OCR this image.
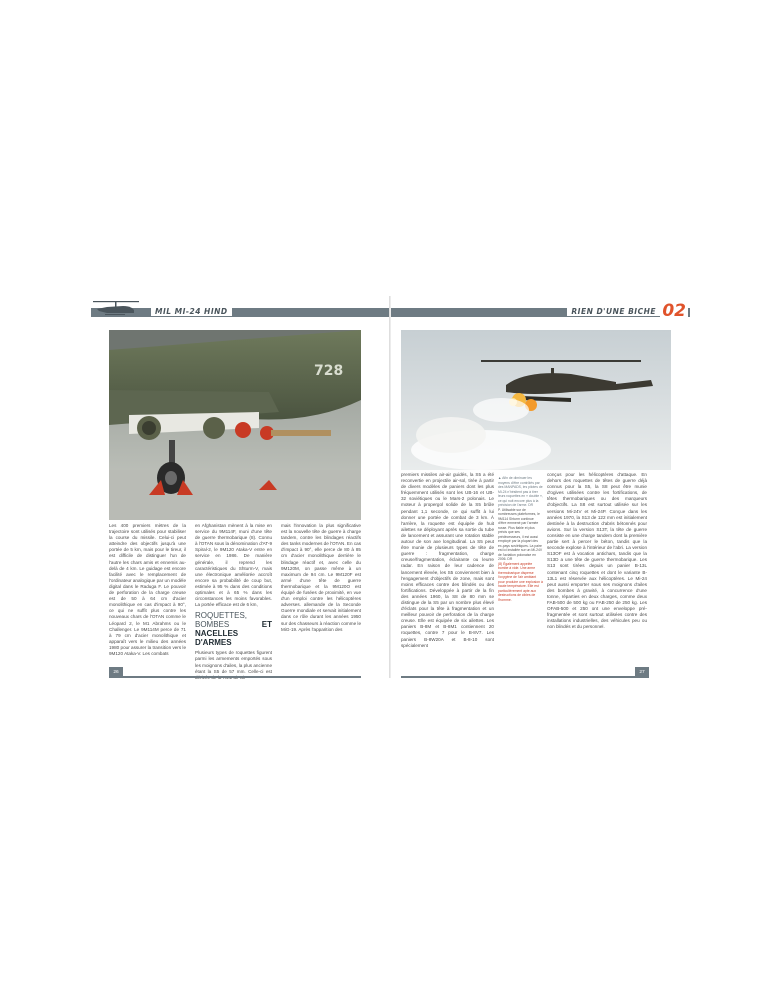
MIL MI-24 HIND
728

Les 400 premiers mètres de la trajectoire sont utilisés pour stabiliser la course du missile. Celui-ci peut atteindre des objectifs jusqu'à une portée de 5 km, mais pour le tireur, il est difficile de distinguer l'un de l'autre les chars amis et ennemis au-delà de 4 km. Le guidage est encore facilité avec le remplacement de l'ordinateur analogique par un modèle digital dans le Raduga F. Le pouvoir de perforation de la charge creuse est de 50 à 64 cm d'acier monolithique en cas d'impact à 90°, ce qui ne suffit plus contre les nouveaux chars de l'OTAN comme le Léopard 2, le M1 Abrahms ou le Challenger. Le 9M114M perce de 71 à 79 cm d'acier monolithique et apparaît vers le milieu des années 1980 pour assurer la transition vers le 9M120 Ataka-V. Les combats

en Afghanistan mènent à la mise en service du 9M114F, muni d'une tête de guerre thermobarique (8). Connu à l'OTAN sous la dénomination d'AT-9 Spiral-2, le 9M120 Ataka-V entre en service en 1986. De manière générale, il reprend les caractéristiques du Shturm-V, mais une électronique améliorée accroît encore sa probabilité de coup but, estimée à 95 % dans des conditions optimales et à 65 % dans les circonstances les moins favorables. La portée efficace est de 6 km,

ROQUETTES, BOMBES ET NACELLES D'ARMES

Plusieurs types de roquettes figurent parmi les armements emportés sous les moignons d'ailes, la plus ancienne étant la S5 de 57 mm. Celle-ci est

mais l'innovation la plus significative est la nouvelle tête de guerre à charge tandem, contre les blindages réactifs des tanks modernes de l'OTAN. En cas d'impact à 90°, elle perce de 80 à 85 cm d'acier monolithique derrière le blindage réactif et, avec celle du 9M120M, on passe même à un maximum de 94 cm. Le 9M120F est armé d'une tête de guerre thermobarique et la 9M120O est équipé de fusées de proximité, en vue d'un emploi contre les hélicoptères adverses. allemande de la Seconde Guerre mondiale et servait initialement dans ce rôle durant les années 1950 sur des chasseurs à réaction comme le MiG-19. Après l'apparition des

26
RIEN D'UNE BICHE 02

premiers missiles air-air guidés, la S5 a été reconvertie en projectile air-sol, tirée à partir de divers modèles de paniers dont les plus fréquemment utilisés sont les UB-16 et UB-32 soviétiques ou le Mars-2 polonais. Le moteur à propergol solide de la S5 brûle pendant 1,1 seconde, ce qui suffit à lui donner une portée de combat de 3 km. À l'arrière, la roquette est équipée de huit ailettes se déployant après sa sortie du tube de lancement et assurant une rotation stable autour de son axe longitudinal. La S5 peut être munie de plusieurs types de tête de guerre : fragmentation, charge creuse/fragmentation, éclairante ou leurre radar. En raison de leur cadence de lancement élevée, les S5 conviennent bien à l'engagement d'objectifs de zone, mais sont moins efficaces contre des blindés ou des fortifications. Développée à partir de la fin des années 1960, la S8 de 80 mm se distingue de la S5 par un nombre plus élevé d'éclats pour la tête à fragmentation et un meilleur pouvoir de perforation de la charge creuse. Elle est équipée de six ailettes. Les paniers B-8M et B-8M1 contiennent 20 roquettes, contre 7 pour le B-8V7. Les paniers B-8W20A et B-8-10 sont spécialement

▲ Afin de diminuer les moyens d'être contrôlés par des MANPADS, les pilotes de Mi-24 n'hésitent pas à tirer leurs roquettes en « double », ce qui nuit encore plus à la précision de l'arme. DR

P. Utilisable sur de nombreuses plateformes, le 9M114 Shturm continue d'être emmené par l'armée russe. Plus fiable et plus précis que ses prédécesseurs, il est aussi employé par la plupart des ex-pays soviétiques. La paire est ici installée sur un Mi-24V de l'aviation polonaise en 2006. DR

(8) Également appelée bombe à vide. Une arme thermobarique disperse l'oxygène de l'air ambiant pour produire une explosion à haute température. Elle est particulièrement apte aux destructions de cibles de l'homme.

conçus pour les hélicoptères d'attaque. En dehors des roquettes de têtes de guerre déjà connus pour la S5, la S8 peut être munie d'ogives utilisées contre les fortifications, de têtes thermobariques ou des marqueurs d'objectifs. La S8 est surtout utilisée sur les versions Mi-24V et Mi-24P. Conçue dans les années 1970, la S13 de 122 mm est initialement destinée à la destruction d'abris bétonnés pour avions. Sur la version S13T, la tête de guerre consiste en une charge tandem dont la première partie sert à percer le béton, tandis que la seconde explose à l'intérieur de l'abri. La version S13OF est à vocation antichars, tandis que la S13D a une tête de guerre thermobarique. Les S13 sont tirées depuis un panier B-13L contenant cinq roquettes et dont le variante B-13L1 est réservée aux hélicoptères. Le Mi-24 peut aussi emporter sous ses moignons d'ailes des bombes à gravité, à concurrence d'une tonne, réparties en deux charges, comme deux FAB-500 de 500 kg ou FAB-250 de 250 kg. Les OFAB-500 et 250 ont une enveloppe pré-fragmentée et sont surtout utilisées contre des installations industrielles, des véhicules peu ou non blindés et du personnel.

27
